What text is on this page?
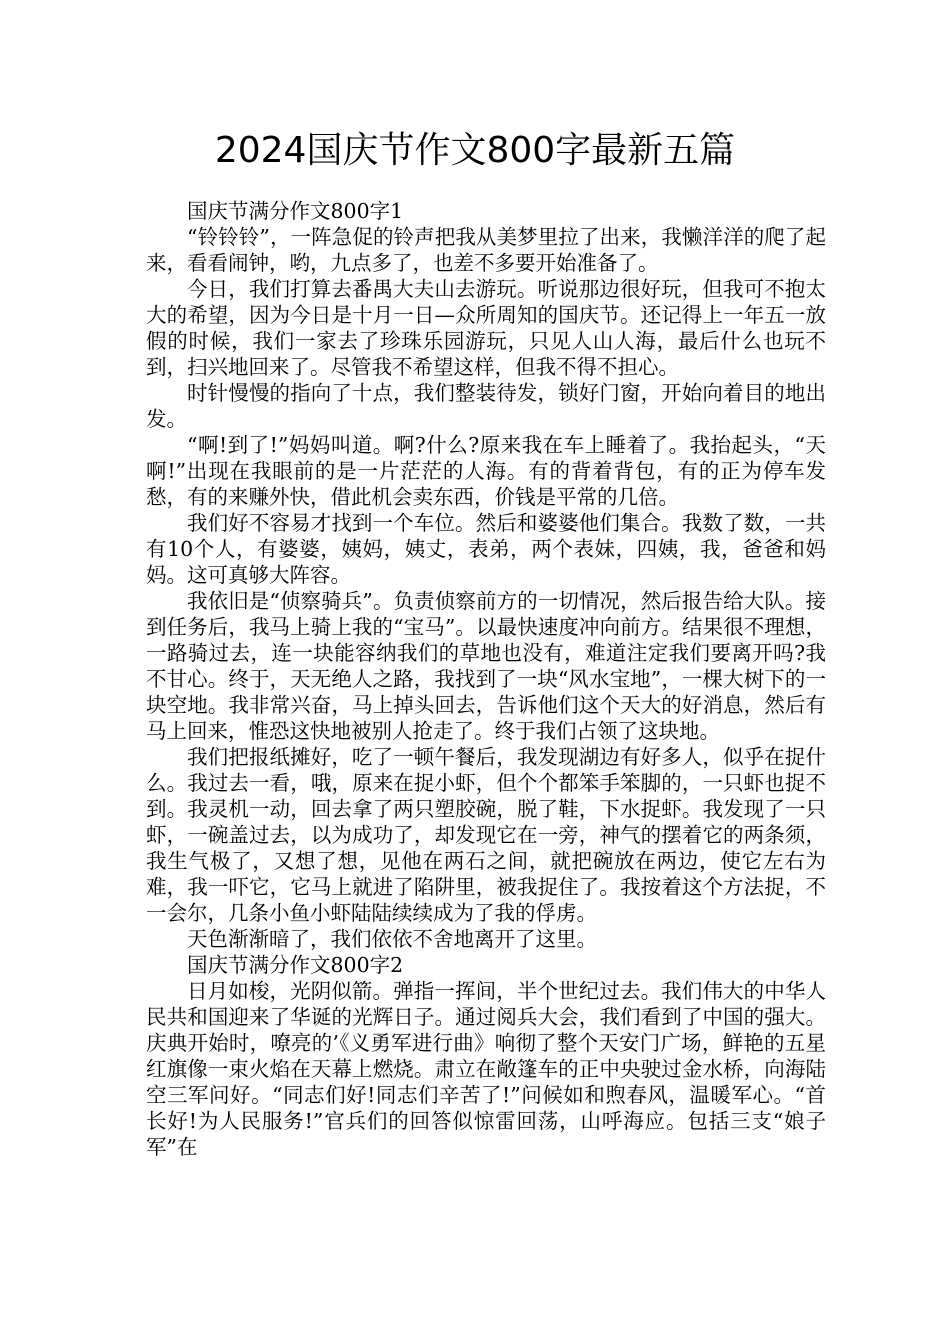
2024国庆节作文800字最新五篇

国庆节满分作文800字1

“铃铃铃”，一阵急促的铃声把我从美梦里拉了出来，我懒洋洋的爬了起来，看看闹钟，哟，九点多了，也差不多要开始准备了。

今日，我们打算去番禺大夫山去游玩。听说那边很好玩，但我可不抱太大的希望，因为今日是十月一日—众所周知的国庆节。还记得上一年五一放假的时候，我们一家去了珍珠乐园游玩，只见人山人海，最后什么也玩不到，扫兴地回来了。尽管我不希望这样，但我不得不担心。

时针慢慢的指向了十点，我们整装待发，锁好门窗，开始向着目的地出发。

“啊!到了!”妈妈叫道。啊?什么?原来我在车上睡着了。我抬起头，“天啊!”出现在我眼前的是一片茫茫的人海。有的背着背包，有的正为停车发愁，有的来赚外快，借此机会卖东西，价钱是平常的几倍。

我们好不容易才找到一个车位。然后和婆婆他们集合。我数了数，一共有10个人，有婆婆，姨妈，姨丈，表弟，两个表妹，四姨，我，爸爸和妈妈。这可真够大阵容。

我依旧是“侦察骑兵”。负责侦察前方的一切情况，然后报告给大队。接到任务后，我马上骑上我的“宝马”。以最快速度冲向前方。结果很不理想，一路骑过去，连一块能容纳我们的草地也没有，难道注定我们要离开吗?我不甘心。终于，天无绝人之路，我找到了一块“风水宝地”，一棵大树下的一块空地。我非常兴奋，马上掉头回去，告诉他们这个天大的好消息，然后有马上回来，惟恐这快地被别人抢走了。终于我们占领了这块地。

我们把报纸摊好，吃了一顿午餐后，我发现湖边有好多人，似乎在捉什么。我过去一看，哦，原来在捉小虾，但个个都笨手笨脚的，一只虾也捉不到。我灵机一动，回去拿了两只塑胶碗，脱了鞋，下水捉虾。我发现了一只虾，一碗盖过去，以为成功了，却发现它在一旁，神气的摆着它的两条须，我生气极了，又想了想，见他在两石之间，就把碗放在两边，使它左右为难，我一吓它，它马上就进了陷阱里，被我捉住了。我按着这个方法捉，不一会尔，几条小鱼小虾陆陆续续成为了我的俘虏。

天色渐渐暗了，我们依依不舍地离开了这里。

国庆节满分作文800字2

日月如梭，光阴似箭。弹指一挥间，半个世纪过去。我们伟大的中华人民共和国迎来了华诞的光辉日子。通过阅兵大会，我们看到了中国的强大。庆典开始时，嘹亮的’《义勇军进行曲》响彻了整个天安门广场，鲜艳的五星红旗像一束火焰在天幕上燃烧。肃立在敞篷车的正中央驶过金水桥，向海陆空三军问好。“同志们好!同志们辛苦了!”问候如和煦春风，温暖军心。“首长好!为人民服务!”官兵们的回答似惊雷回荡，山呼海应。包括三支“娘子军”在
